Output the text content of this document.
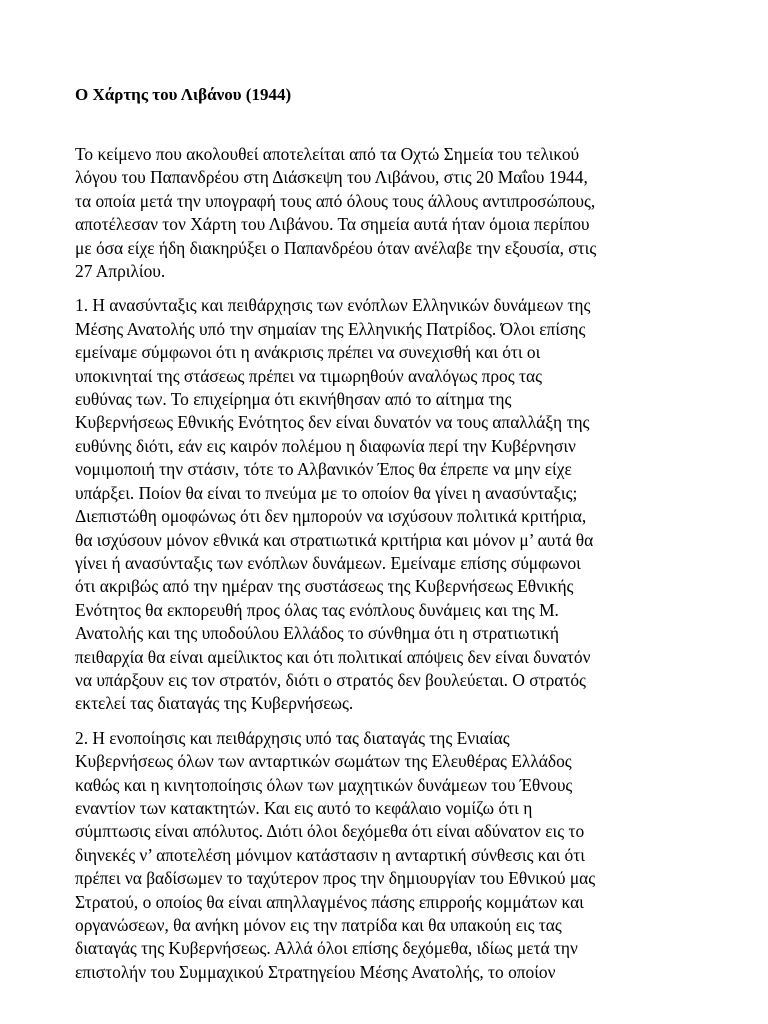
Ο Χάρτης του Λιβάνου (1944)

Το κείμενο που ακολουθεί αποτελείται από τα Οχτώ Σημεία του τελικού
λόγου του Παπανδρέου στη Διάσκεψη του Λιβάνου, στις 20 Μαΐου 1944,
τα οποία μετά την υπογραφή τους από όλους τους άλλους αντιπροσώπους,
αποτέλεσαν τον Χάρτη του Λιβάνου. Τα σημεία αυτά ήταν όμοια περίπου
με όσα είχε ήδη διακηρύξει ο Παπανδρέου όταν ανέλαβε την εξουσία, στις
27 Απριλίου.

1. Η ανασύνταξις και πειθάρχησις των ενόπλων Ελληνικών δυνάμεων της
Μέσης Ανατολής υπό την σημαίαν της Ελληνικής Πατρίδος. Όλοι επίσης
εμείναμε σύμφωνοι ότι η ανάκρισις πρέπει να συνεχισθή και ότι οι
υποκινηταί της στάσεως πρέπει να τιμωρηθούν αναλόγως προς τας
ευθύνας των. Το επιχείρημα ότι εκινήθησαν από το αίτημα της
Κυβερνήσεως Εθνικής Ενότητος δεν είναι δυνατόν να τους απαλλάξη της
ευθύνης διότι, εάν εις καιρόν πολέμου η διαφωνία περί την Κυβέρνησιν
νομιμοποιή την στάσιν, τότε το Αλβανικόν Έπος θα έπρεπε να μην είχε
υπάρξει. Ποίον θα είναι το πνεύμα με το οποίον θα γίνει η ανασύνταξις;
Διεπιστώθη ομοφώνως ότι δεν ημπορούν να ισχύσουν πολιτικά κριτήρια,
θα ισχύσουν μόνον εθνικά και στρατιωτικά κριτήρια και μόνον μ’ αυτά θα
γίνει ή ανασύνταξις των ενόπλων δυνάμεων. Εμείναμε επίσης σύμφωνοι
ότι ακριβώς από την ημέραν της συστάσεως της Κυβερνήσεως Εθνικής
Ενότητος θα εκπορευθή προς όλας τας ενόπλους δυνάμεις και της Μ.
Ανατολής και της υποδούλου Ελλάδος το σύνθημα ότι η στρατιωτική
πειθαρχία θα είναι αμείλικτος και ότι πολιτικαί απόψεις δεν είναι δυνατόν
να υπάρξουν εις τον στρατόν, διότι ο στρατός δεν βουλεύεται. Ο στρατός
εκτελεί τας διαταγάς της Κυβερνήσεως.

2. Η ενοποίησις και πειθάρχησις υπό τας διαταγάς της Ενιαίας
Κυβερνήσεως όλων των ανταρτικών σωμάτων της Ελευθέρας Ελλάδος
καθώς και η κινητοποίησις όλων των μαχητικών δυνάμεων του Έθνους
εναντίον των κατακτητών. Και εις αυτό το κεφάλαιο νομίζω ότι η
σύμπτωσις είναι απόλυτος. Διότι όλοι δεχόμεθα ότι είναι αδύνατον εις το
διηνεκές ν’ αποτελέση μόνιμον κατάστασιν η ανταρτική σύνθεσις και ότι
πρέπει να βαδίσωμεν το ταχύτερον προς την δημιουργίαν του Εθνικού μας
Στρατού, ο οποίος θα είναι απηλλαγμένος πάσης επιρροής κομμάτων και
οργανώσεων, θα ανήκη μόνον εις την πατρίδα και θα υπακούη εις τας
διαταγάς της Κυβερνήσεως. Αλλά όλοι επίσης δεχόμεθα, ιδίως μετά την
επιστολήν του Συμμαχικού Στρατηγείου Μέσης Ανατολής, το οποίον
